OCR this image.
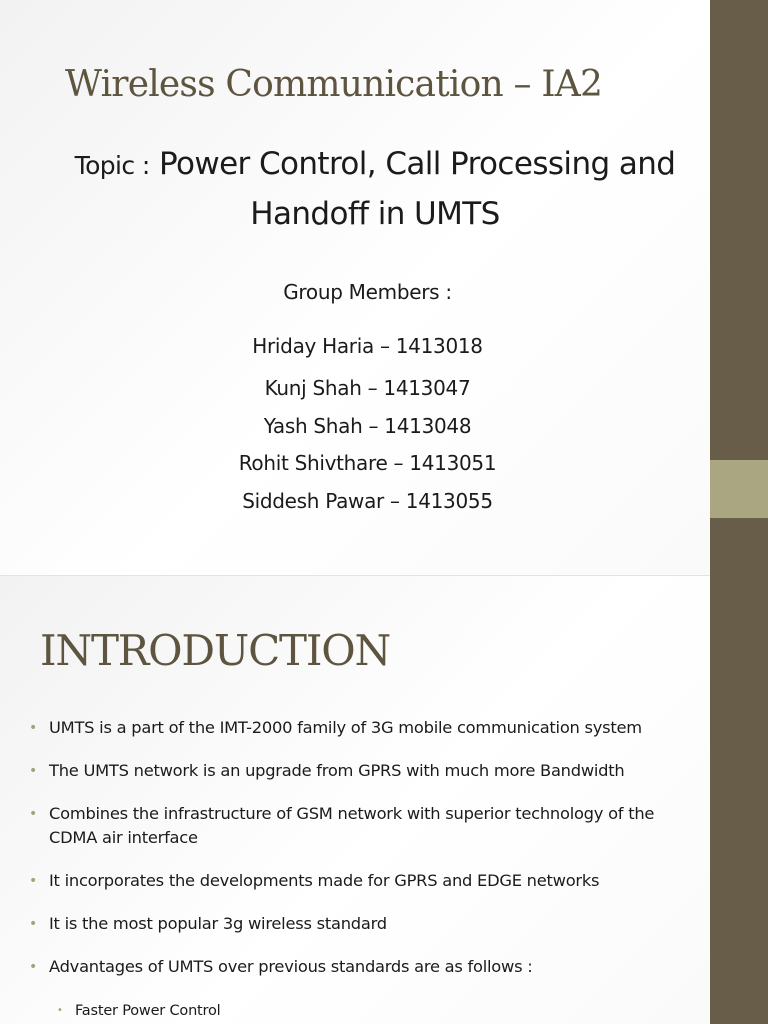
Wireless Communication – IA2
Topic : Power Control, Call Processing and
Handoff in UMTS
Group Members :
Hriday Haria – 1413018
Kunj Shah – 1413047
Yash Shah – 1413048
Rohit Shivthare – 1413051
Siddesh Pawar – 1413055
INTRODUCTION
• UMTS is a part of the IMT-2000 family of 3G mobile communication system
• The UMTS network is an upgrade from GPRS with much more Bandwidth
• Combines the infrastructure of GSM network with superior technology of the CDMA air interface
• It incorporates the developments made for GPRS and EDGE networks
• It is the most popular 3g wireless standard
• Advantages of UMTS over previous standards are as follows :
• Faster Power Control
